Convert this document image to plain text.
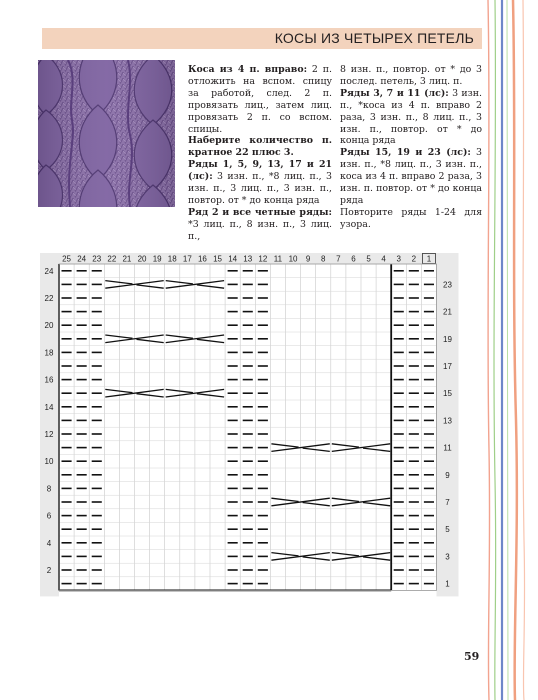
КОСЫ ИЗ ЧЕТЫРЕХ ПЕТЕЛЬ

Коса из 4 п. вправо: 2 п. отложить на вспом. спицу за работой, след. 2 п. провязать лиц., затем лиц. провязать 2 п. со вспом. спицы.

Наберите количество п. кратное 22 плюс 3.

Ряды 1, 5, 9, 13, 17 и 21 (лс): 3 изн. п., *8 лиц. п., 3 изн. п., 3 лиц. п., 3 изн. п., повтор. от * до конца ряда

Ряд 2 и все четные ряды: *3 лиц. п., 8 изн. п., 3 лиц. п.,

8 изн. п., повтор. от * до 3 послед. петель, 3 лиц. п.

Ряды 3, 7 и 11 (лс): 3 изн. п., *коса из 4 п. вправо 2 раза, 3 изн. п., 8 лиц. п., 3 изн. п., повтор. от * до конца ряда

Ряды 15, 19 и 23 (лс): 3 изн. п., *8 лиц. п., 3 изн. п., коса из 4 п. вправо 2 раза, 3 изн. п. повтор. от * до конца ряда

Повторите ряды 1-24 для узора.

25 24 23 22 21 20 19 18 17 16 15 14 13 12 11 10 9 8 7 6 5 4 3 2 1
24
22
20
18
16
14
12
10
8
6
4
2
23
21
19
17
15
13
11
9
7
5
3
1
59
